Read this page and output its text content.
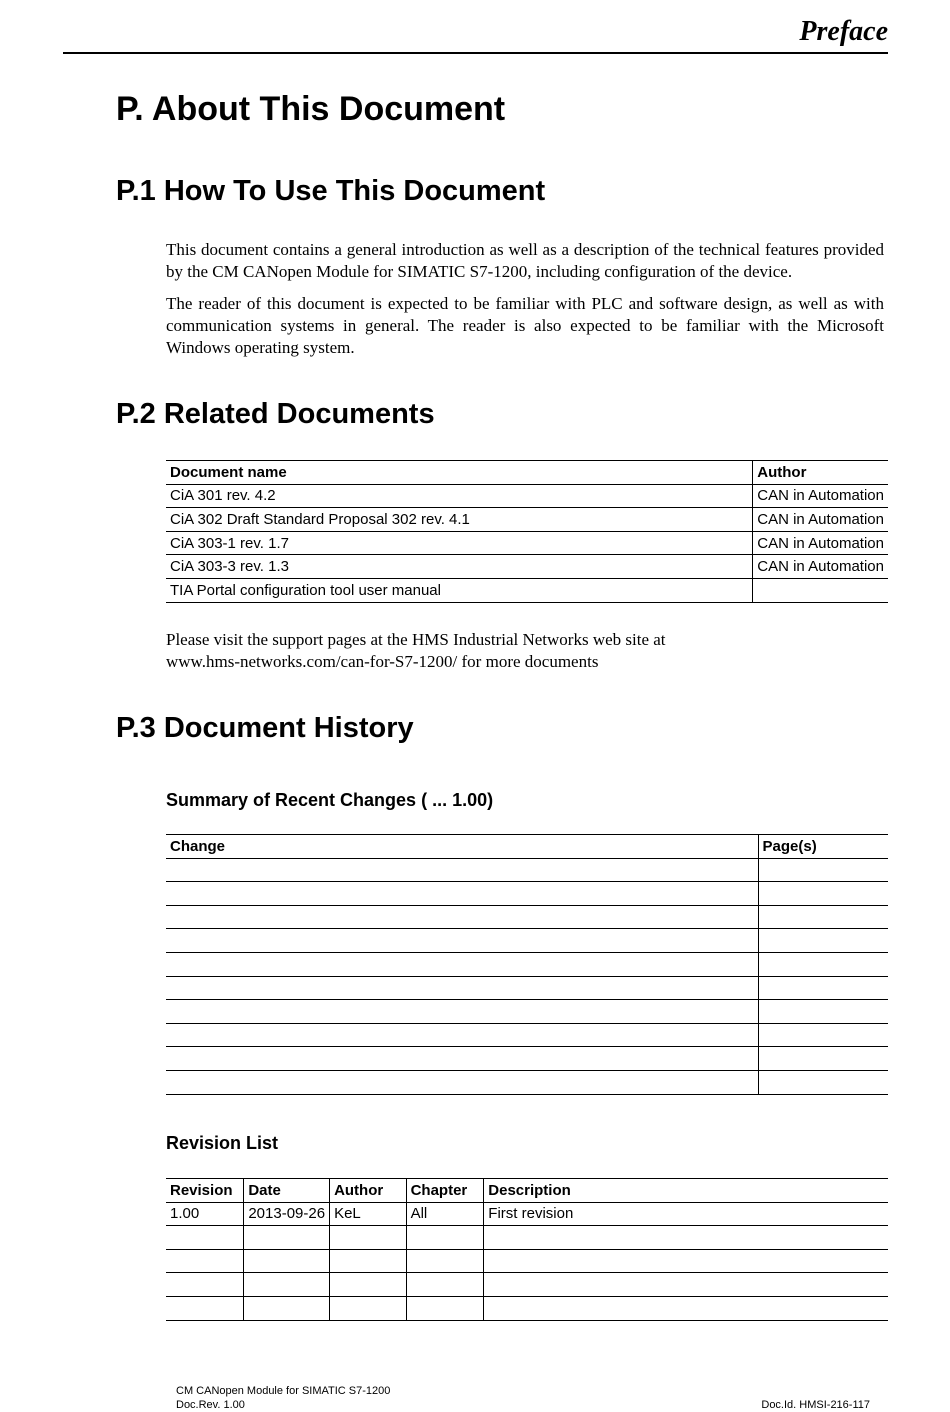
Preface
P. About This Document
P.1 How To Use This Document

This document contains a general introduction as well as a description of the technical features provided by the CM CANopen Module for SIMATIC S7-1200, including configuration of the device.

The reader of this document is expected to be familiar with PLC and software design, as well as with communication systems in general. The reader is also expected to be familiar with the Microsoft Windows operating system.

P.2 Related Documents
Document name	Author
CiA 301 rev. 4.2	CAN in Automation
CiA 302 Draft Standard Proposal 302 rev. 4.1	CAN in Automation
CiA 303-1 rev. 1.7	CAN in Automation
CiA 303-3 rev. 1.3	CAN in Automation
TIA Portal configuration tool user manual	

Please visit the support pages at the HMS Industrial Networks web site at
www.hms-networks.com/can-for-S7-1200/ for more documents

P.3 Document History
Summary of Recent Changes ( ... 1.00)
Change	Page(s)

Revision List
Revision	Date	Author	Chapter	Description
1.00	2013-09-26	KeL	All	First revision

CM CANopen Module for SIMATIC S7-1200
Doc.Rev. 1.00	Doc.Id. HMSI-216-117
